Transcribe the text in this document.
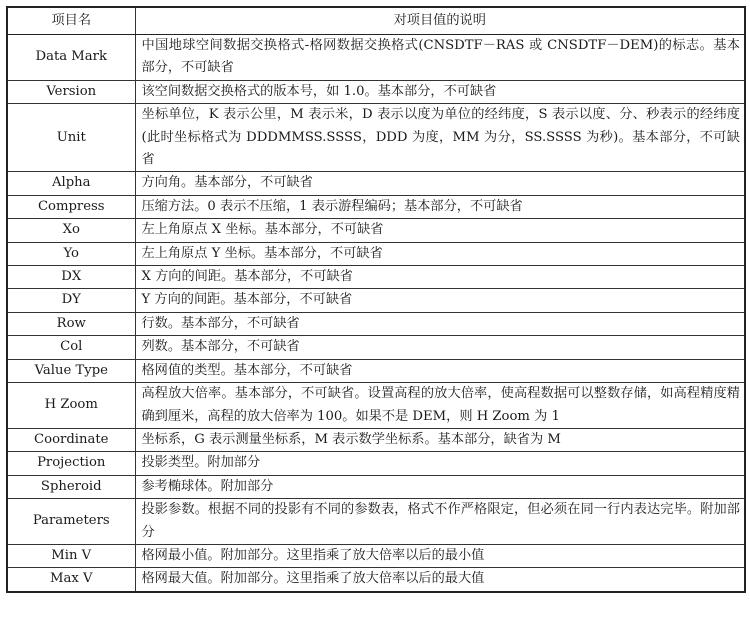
项目名	对项目值的说明
Data Mark	中国地球空间数据交换格式-格网数据交换格式(CNSDTF－RAS 或 CNSDTF－DEM)的标志。基本部分，不可缺省
Version	该空间数据交换格式的版本号，如 1.0。基本部分，不可缺省
Unit	坐标单位，K 表示公里，M 表示米，D 表示以度为单位的经纬度，S 表示以度、分、秒表示的经纬度(此时坐标格式为 DDDMMSS.SSSS，DDD 为度，MM 为分，SS.SSSS 为秒)。基本部分，不可缺省
Alpha	方向角。基本部分，不可缺省
Compress	压缩方法。0 表示不压缩，1 表示游程编码；基本部分，不可缺省
Xo	左上角原点 X 坐标。基本部分，不可缺省
Yo	左上角原点 Y 坐标。基本部分，不可缺省
DX	X 方向的间距。基本部分，不可缺省
DY	Y 方向的间距。基本部分，不可缺省
Row	行数。基本部分，不可缺省
Col	列数。基本部分，不可缺省
Value Type	格网值的类型。基本部分，不可缺省
H Zoom	高程放大倍率。基本部分，不可缺省。设置高程的放大倍率，使高程数据可以整数存储，如高程精度精确到厘米，高程的放大倍率为 100。如果不是 DEM，则 H Zoom 为 1
Coordinate	坐标系，G 表示测量坐标系，M 表示数学坐标系。基本部分，缺省为 M
Projection	投影类型。附加部分
Spheroid	参考椭球体。附加部分
Parameters	投影参数。根据不同的投影有不同的参数表，格式不作严格限定，但必须在同一行内表达完毕。附加部分
Min V	格网最小值。附加部分。这里指乘了放大倍率以后的最小值
Max V	格网最大值。附加部分。这里指乘了放大倍率以后的最大值
